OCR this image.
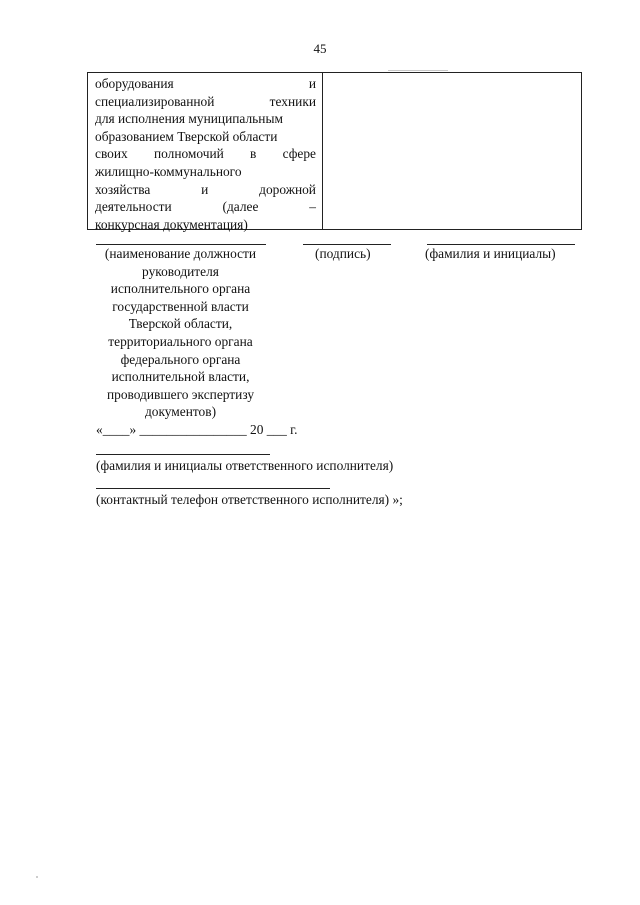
45
оборудования	и
специализированной	техники
для исполнения муниципальным
образованием Тверской области
своих полномочий в сфере
жилищно-коммунального
хозяйства	и	дорожной
деятельности	(далее	–
конкурсная документация)
(наименование должности
руководителя
исполнительного органа
государственной власти
Тверской области,
территориального органа
федерального органа
исполнительной власти,
проводившего экспертизу
документов)
(подпись)	(фамилия и инициалы)
«____» ________________ 20 ___ г.
(фамилия и инициалы ответственного исполнителя)
(контактный телефон ответственного исполнителя) »;
